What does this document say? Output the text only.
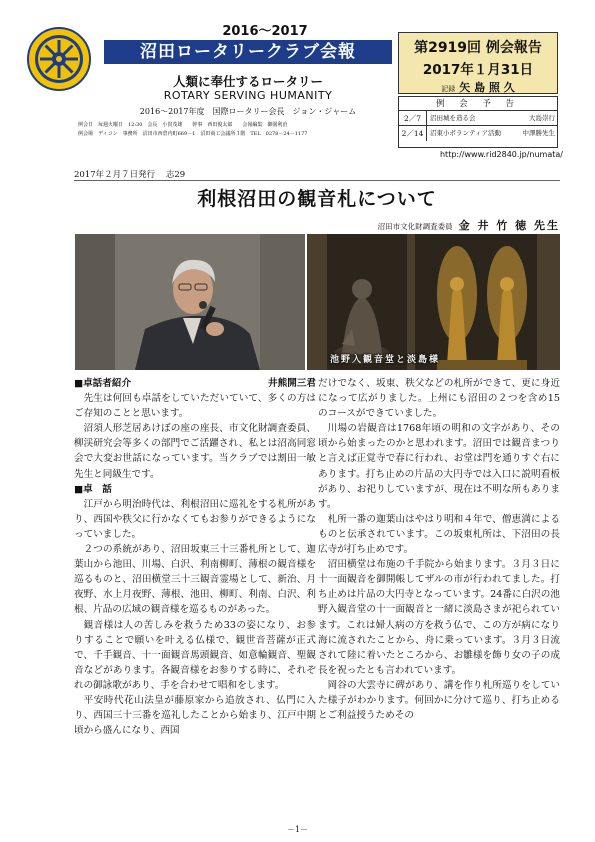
2016～2017
沼田ロータリークラブ会報
人類に奉仕するロータリー
ROTARY SERVING HUMANITY
2016～2017年度　国際ロータリー会長　ジョン・ジャーム
例会日　毎週火曜日　12:30　会長　小貫茂雄　　幹事　西田俊太郎　　会報編集　御園利治
例会場　ディコン　事務所　沼田市西倉内町669－1　沼田商工会議所３階　TEL　0278－24－1177
第2919回 例会報告
2017年１月31日
記録 矢 島 照 久
例 会 予 告
2／7	沼田城を造る会	大島崇行
2／14	沼東小ボランティア活動	中澤勝先生
http://www.rid2840.jp/numata/
2017年２月７日発行 志29
利根沼田の観音札について
沼田市文化財調査委員 金 井 竹 徳 先生
池野入観音堂と淡島様
■卓話者紹介	井熊開三君

先生は何回も卓話をしていただいていて、多くの方はご存知のことと思います。

沼須人形芝居あけぼの座の座長、市文化財調査委員、柳渓研究会等多くの部門でご活躍され、私とは沼高同窓会で大変お世話になっています。当クラブでは割田一敏先生と同級生です。

■卓　話

江戸から明治時代は、利根沼田に巡礼をする札所があり、西国や秩父に行かなくてもお参りができるようになっていました。

２つの系統があり、沼田坂東三十三番札所として、迦葉山から池田、川場、白沢、利南柳町、薄根の観音様を巡るものと、沼田横堂三十三観音霊場として、新治、月夜野、水上月夜野、薄根、池田、柳町、利南、白沢、利根、片品の広域の観音様を巡るものがあった。

観音様は人の苦しみを救うため33の姿になり、お参りすることで願いを叶える仏様で、観世音菩薩が正式で、千手観音、十一面観音馬頭観音、如意輪観音、聖観音などがあります。各観音様をお参りする時に、それぞれの御詠歌があり、手を合わせて唱和をします。

平安時代花山法皇が藤原家から追放され、仏門に入り、西国三十三番を巡礼したことから始まり、江戸中期頃から盛んになり、西国

だけでなく、坂東、秩父などの札所ができて、更に身近になって広がりました。上州にも沼田の２つを含め15のコースができていました。

川場の岩観音は1768年頃の明和の文字があり、その頃から始まったのかと思われます。沼田では観音まつりと言えば正覚寺で春に行われ、お堂は門を通りすぐ右にあります。打ち止めの片品の大円寺では入口に説明看板があり、お祀りしていますが、現在は不明な所もあります。

札所一番の迦葉山はやはり明和４年で、僧恵満によるものと伝承されています。この坂東札所は、下沼田の長広寺が打ち止めです。

沼田横堂は布施の千手院から始まります。３月３日に十一面観音を御開帳してザルの市が行われてました。打ち止めは片品の大円寺となっています。24番に白沢の池野入観音堂の十一面観音と一緒に淡島さまが祀られています。これは婦人病の方を救う仏で、この方が病になり海に流されたことから、舟に乗っています。３月３日流されて陸に着いたところから、お雛様を飾り女の子の成長を祝ったとも言われています。

岡谷の大雲寺に碑があり、講を作り札所巡りをしていた様子がわかります。何回かに分けて巡り、打ち止めるとご利益授うためその

－1－
